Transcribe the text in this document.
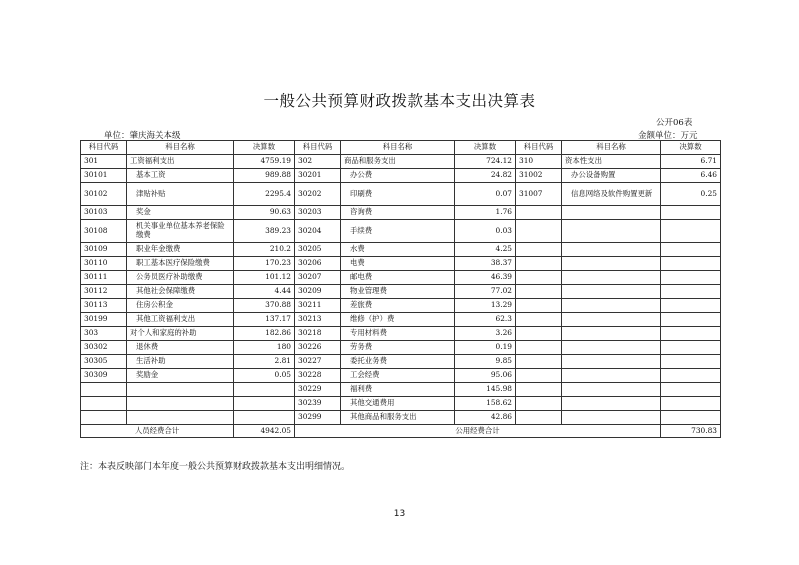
一般公共预算财政拨款基本支出决算表
公开06表
单位：肇庆海关本级	金额单位：万元
科目代码	科目名称	决算数	科目代码	科目名称	决算数	科目代码	科目名称	决算数
301	工资福利支出	4759.19	302	商品和服务支出	724.12	310	资本性支出	6.71
30101	基本工资	989.88	30201	办公费	24.82	31002	办公设备购置	6.46
30102	津贴补贴	2295.4	30202	印刷费	0.07	31007	信息网络及软件购置更新	0.25
30103	奖金	90.63	30203	咨询费	1.76			
30108	机关事业单位基本养老保险缴费	389.23	30204	手续费	0.03			
30109	职业年金缴费	210.2	30205	水费	4.25			
30110	职工基本医疗保险缴费	170.23	30206	电费	38.37			
30111	公务员医疗补助缴费	101.12	30207	邮电费	46.39			
30112	其他社会保障缴费	4.44	30209	物业管理费	77.02			
30113	住房公积金	370.88	30211	差旅费	13.29			
30199	其他工资福利支出	137.17	30213	维修（护）费	62.3			
303	对个人和家庭的补助	182.86	30218	专用材料费	3.26			
30302	退休费	180	30226	劳务费	0.19			
30305	生活补助	2.81	30227	委托业务费	9.85			
30309	奖励金	0.05	30228	工会经费	95.06			
			30229	福利费	145.98			
			30239	其他交通费用	158.62			
			30299	其他商品和服务支出	42.86			
人员经费合计		4942.05	公用经费合计					730.83
注：本表反映部门本年度一般公共预算财政拨款基本支出明细情况。
13
